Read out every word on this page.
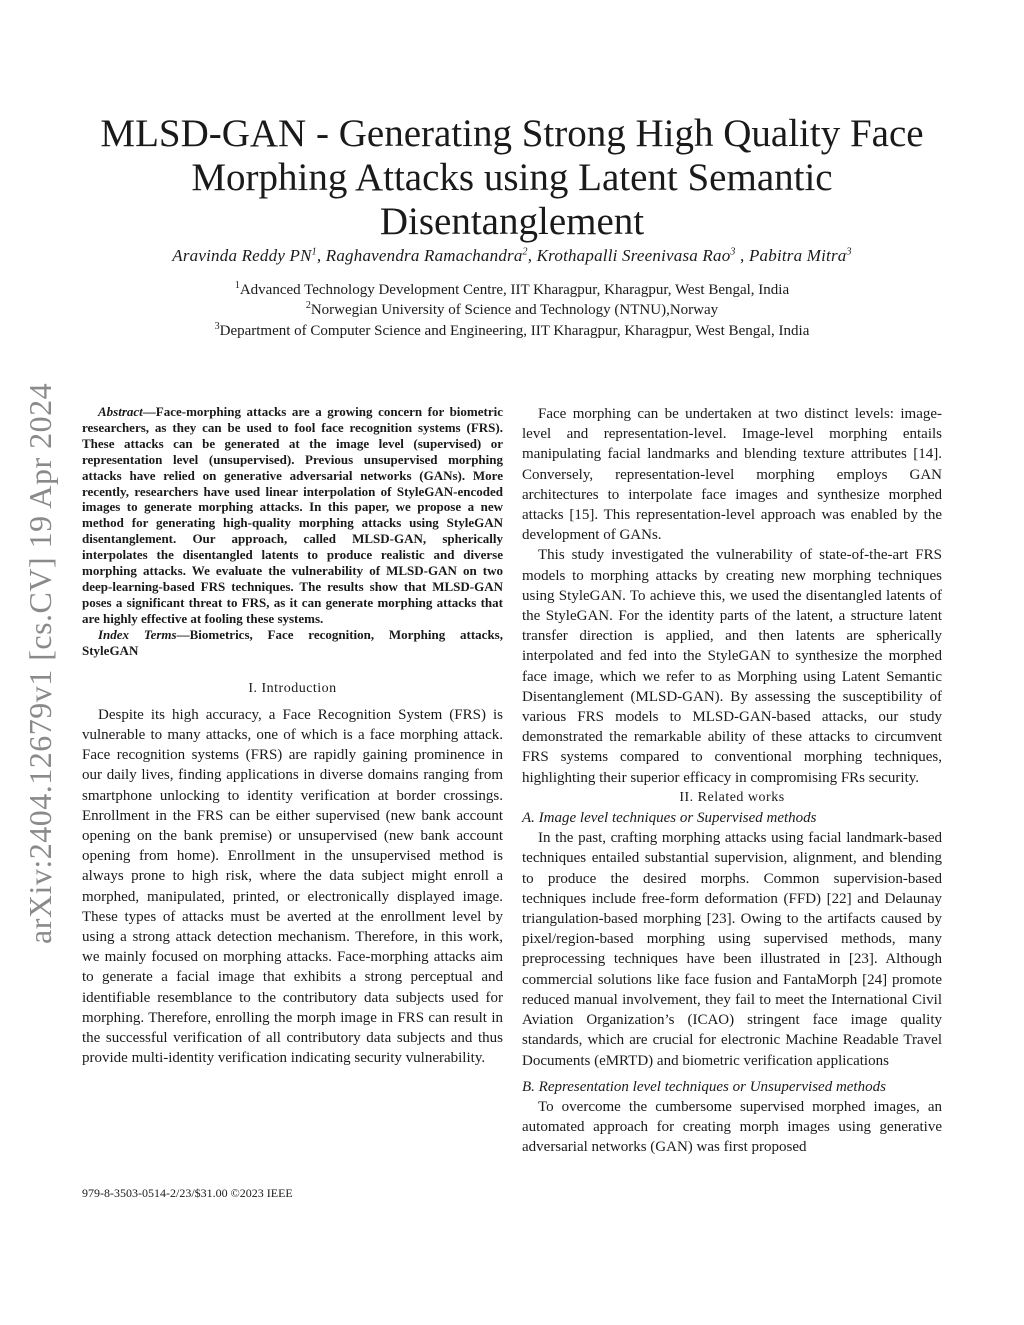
arXiv:2404.12679v1 [cs.CV] 19 Apr 2024
MLSD-GAN - Generating Strong High Quality Face Morphing Attacks using Latent Semantic Disentanglement
Aravinda Reddy $PN^1$, Raghavendra Ramachandra$^2$, Krothapalli Sreenivasa Rao$^3$ , Pabitra Mitra$^3$
$^1$Advanced Technology Development Centre, IIT Kharagpur, Kharagpur, West Bengal, India
$^2$Norwegian University of Science and Technology (NTNU),Norway
$^3$Department of Computer Science and Engineering, IIT Kharagpur, Kharagpur, West Bengal, India

Abstract—Face-morphing attacks are a growing concern for biometric researchers, as they can be used to fool face recognition systems (FRS). These attacks can be generated at the image level (supervised) or representation level (unsupervised). Previous unsupervised morphing attacks have relied on generative adversarial networks (GANs). More recently, researchers have used linear interpolation of StyleGAN-encoded images to generate morphing attacks. In this paper, we propose a new method for generating high-quality morphing attacks using StyleGAN disentanglement. Our approach, called MLSD-GAN, spherically interpolates the disentangled latents to produce realistic and diverse morphing attacks. We evaluate the vulnerability of MLSD-GAN on two deep-learning-based FRS techniques. The results show that MLSD-GAN poses a significant threat to FRS, as it can generate morphing attacks that are highly effective at fooling these systems.

Index Terms—Biometrics, Face recognition, Morphing attacks, StyleGAN

I. Introduction

Despite its high accuracy, a Face Recognition System (FRS) is vulnerable to many attacks, one of which is a face morphing attack. Face recognition systems (FRS) are rapidly gaining prominence in our daily lives, finding applications in diverse domains ranging from smartphone unlocking to identity verification at border crossings. Enrollment in the FRS can be either supervised (new bank account opening on the bank premise) or unsupervised (new bank account opening from home). Enrollment in the unsupervised method is always prone to high risk, where the data subject might enroll a morphed, manipulated, printed, or electronically displayed image. These types of attacks must be averted at the enrollment level by using a strong attack detection mechanism. Therefore, in this work, we mainly focused on morphing attacks. Face-morphing attacks aim to generate a facial image that exhibits a strong perceptual and identifiable resemblance to the contributory data subjects used for morphing. Therefore, enrolling the morph image in FRS can result in the successful verification of all contributory data subjects and thus provide multi-identity verification indicating security vulnerability.

979-8-3503-0514-2/23/$31.00 ©2023 IEEE

Face morphing can be undertaken at two distinct levels: image-level and representation-level. Image-level morphing entails manipulating facial landmarks and blending texture attributes [14]. Conversely, representation-level morphing employs GAN architectures to interpolate face images and synthesize morphed attacks [15]. This representation-level approach was enabled by the development of GANs.

This study investigated the vulnerability of state-of-the-art FRS models to morphing attacks by creating new morphing techniques using StyleGAN. To achieve this, we used the disentangled latents of the StyleGAN. For the identity parts of the latent, a structure latent transfer direction is applied, and then latents are spherically interpolated and fed into the StyleGAN to synthesize the morphed face image, which we refer to as Morphing using Latent Semantic Disentanglement (MLSD-GAN). By assessing the susceptibility of various FRS models to MLSD-GAN-based attacks, our study demonstrated the remarkable ability of these attacks to circumvent FRS systems compared to conventional morphing techniques, highlighting their superior efficacy in compromising FRs security.

II. Related works

A. Image level techniques or Supervised methods

In the past, crafting morphing attacks using facial landmark-based techniques entailed substantial supervision, alignment, and blending to produce the desired morphs. Common supervision-based techniques include free-form deformation (FFD) [22] and Delaunay triangulation-based morphing [23]. Owing to the artifacts caused by pixel/region-based morphing using supervised methods, many preprocessing techniques have been illustrated in [23]. Although commercial solutions like face fusion and FantaMorph [24] promote reduced manual involvement, they fail to meet the International Civil Aviation Organization’s (ICAO) stringent face image quality standards, which are crucial for electronic Machine Readable Travel Documents (eMRTD) and biometric verification applications

B. Representation level techniques or Unsupervised methods

To overcome the cumbersome supervised morphed images, an automated approach for creating morph images using generative adversarial networks (GAN) was first proposed
